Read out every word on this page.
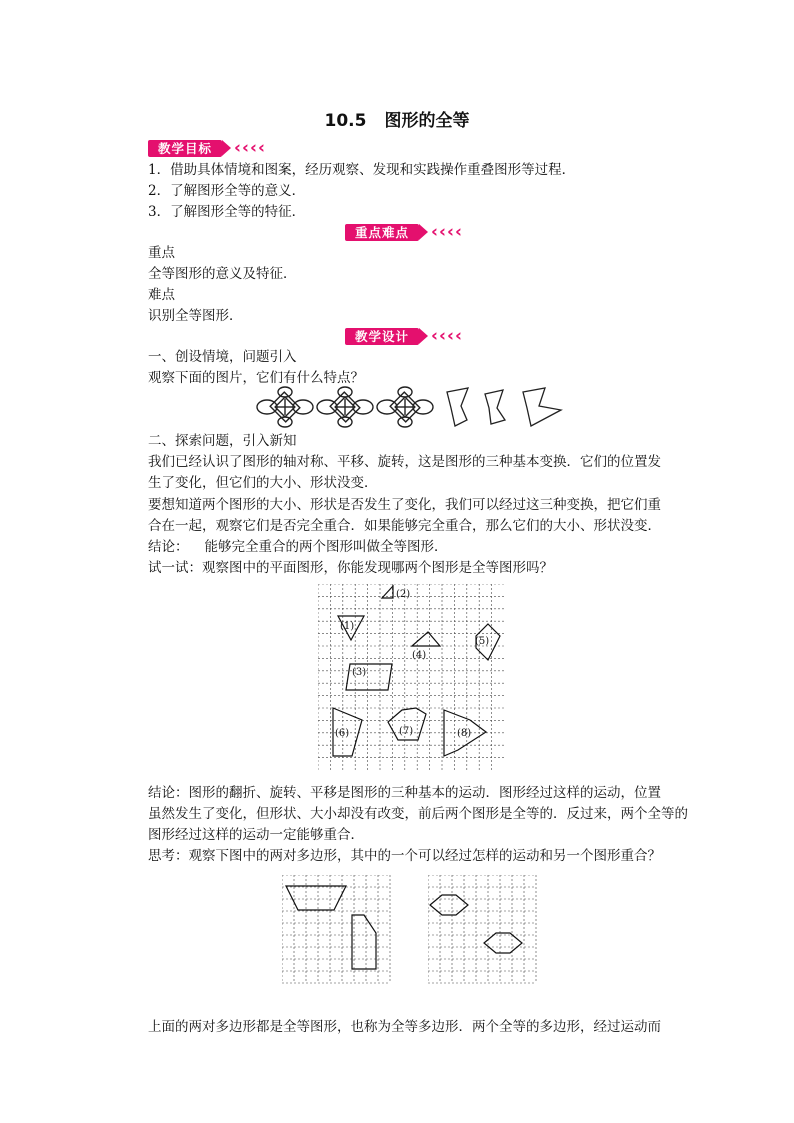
10.5 图形的全等
教学目标	‹‹‹‹
1．借助具体情境和图案，经历观察、发现和实践操作重叠图形等过程．
2．了解图形全等的意义．
3．了解图形全等的特征．
重点难点	‹‹‹‹
重点
全等图形的意义及特征．
难点
识别全等图形．
教学设计	‹‹‹‹
一、创设情境，问题引入
观察下面的图片，它们有什么特点？
二、探索问题，引入新知
我们已经认识了图形的轴对称、平移、旋转，这是图形的三种基本变换．它们的位置发
生了变化，但它们的大小、形状没变．
要想知道两个图形的大小、形状是否发生了变化，我们可以经过这三种变换，把它们重
合在一起，观察它们是否完全重合．如果能够完全重合，那么它们的大小、形状没变．
结论： 能够完全重合的两个图形叫做全等图形．
试一试：观察图中的平面图形，你能发现哪两个图形是全等图形吗？
(1)
(2)
(3)
(4)
(5)
(6)	(7)	(8)
结论：图形的翻折、旋转、平移是图形的三种基本的运动．图形经过这样的运动，位置
虽然发生了变化，但形状、大小却没有改变，前后两个图形是全等的．反过来，两个全等的
图形经过这样的运动一定能够重合．
思考：观察下图中的两对多边形，其中的一个可以经过怎样的运动和另一个图形重合？
上面的两对多边形都是全等图形，也称为全等多边形．两个全等的多边形，经过运动而
